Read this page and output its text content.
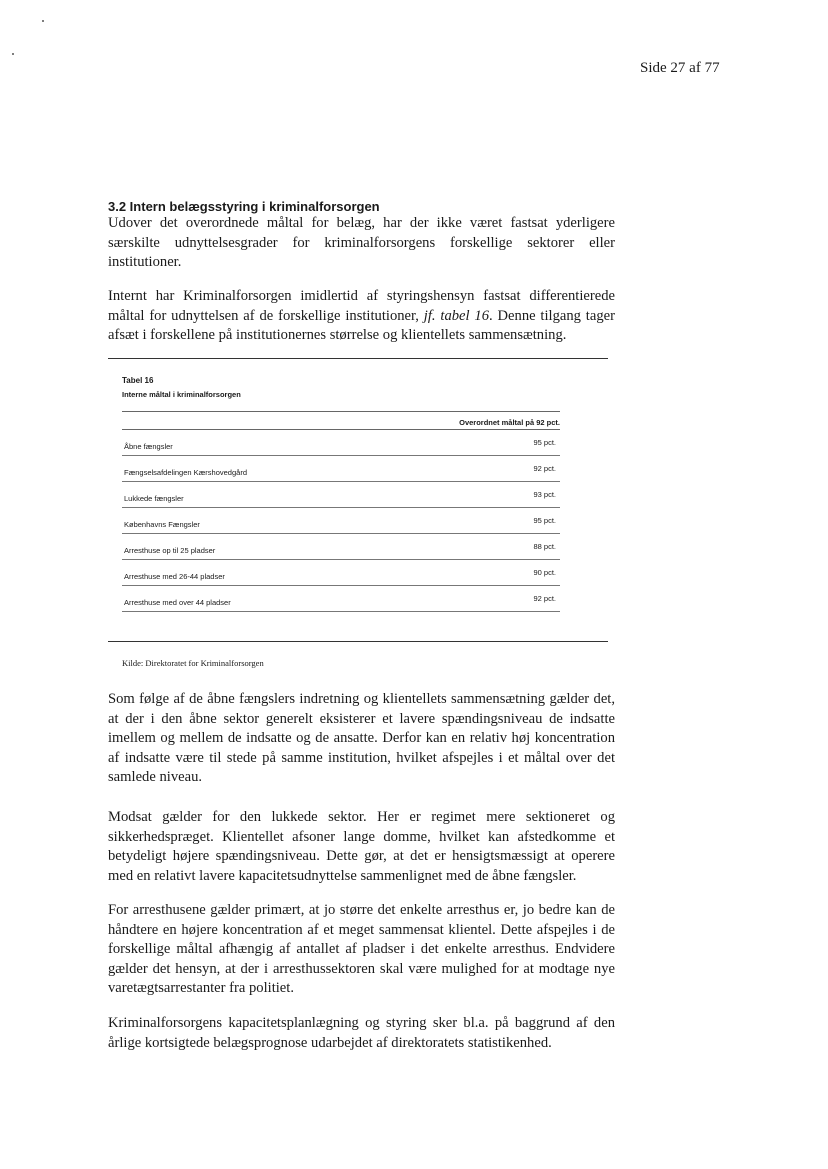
Side 27 af 77
3.2 Intern belægsstyring i kriminalforsorgen
Udover det overordnede måltal for belæg, har der ikke været fastsat yderligere særskilte udnyttelsesgrader for kriminalforsorgens forskellige sektorer eller institutioner.
Internt har Kriminalforsorgen imidlertid af styringshensyn fastsat differentierede måltal for udnyttelsen af de forskellige institutioner, jf. tabel 16. Denne tilgang tager afsæt i forskellene på institutionernes størrelse og klientellets sammensætning.
Tabel 16
Interne måltal i kriminalforsorgen
Overordnet måltal på 92 pct.
Åbne fængsler	95 pct.
Fængselsafdelingen Kærshovedgård	92 pct.
Lukkede fængsler	93 pct.
Københavns Fængsler	95 pct.
Arresthuse op til 25 pladser	88 pct.
Arresthuse med 26-44 pladser	90 pct.
Arresthuse med over 44 pladser	92 pct.
Kilde: Direktoratet for Kriminalforsorgen
Som følge af de åbne fængslers indretning og klientellets sammensætning gælder det, at der i den åbne sektor generelt eksisterer et lavere spændingsniveau de indsatte imellem og mellem de indsatte og de ansatte. Derfor kan en relativ høj koncentration af indsatte være til stede på samme institution, hvilket afspejles i et måltal over det samlede niveau.
Modsat gælder for den lukkede sektor. Her er regimet mere sektioneret og sikkerhedspræget. Klientellet afsoner lange domme, hvilket kan afstedkomme et betydeligt højere spændingsniveau. Dette gør, at det er hensigtsmæssigt at operere med en relativt lavere kapacitetsudnyttelse sammenlignet med de åbne fængsler.
For arresthusene gælder primært, at jo større det enkelte arresthus er, jo bedre kan de håndtere en højere koncentration af et meget sammensat klientel. Dette afspejles i de forskellige måltal afhængig af antallet af pladser i det enkelte arresthus. Endvidere gælder det hensyn, at der i arresthussektoren skal være mulighed for at modtage nye varetægtsarrestanter fra politiet.
Kriminalforsorgens kapacitetsplanlægning og styring sker bl.a. på baggrund af den årlige kortsigtede belægsprognose udarbejdet af direktoratets statistikenhed.
